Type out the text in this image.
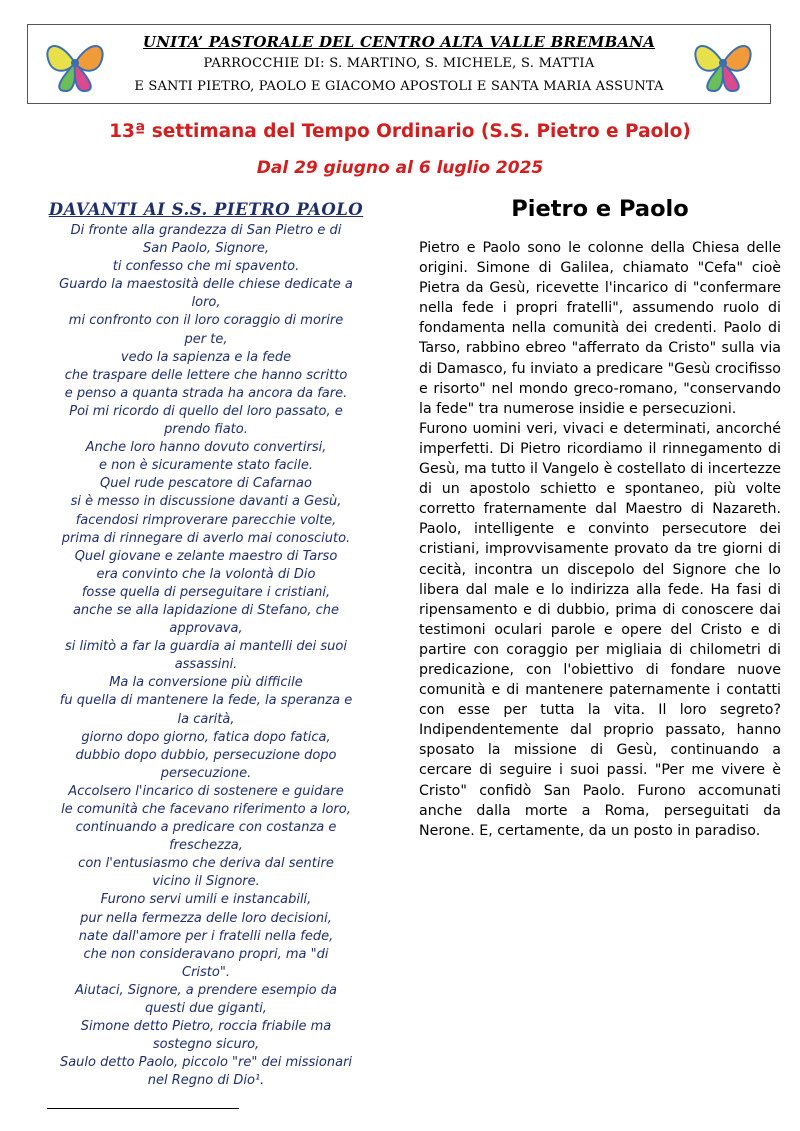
UNITA’ PASTORALE DEL CENTRO ALTA VALLE BREMBANA
PARROCCHIE DI: S. MARTINO, S. MICHELE, S. MATTIA
E SANTI PIETRO, PAOLO E GIACOMO APOSTOLI E SANTA MARIA ASSUNTA
13ª settimana del Tempo Ordinario (S.S. Pietro e Paolo)
Dal 29 giugno al 6 luglio 2025
DAVANTI AI S.S. PIETRO PAOLO
Di fronte alla grandezza di San Pietro e di
San Paolo, Signore,
ti confesso che mi spavento.
Guardo la maestosità delle chiese dedicate a
loro,
mi confronto con il loro coraggio di morire
per te,
vedo la sapienza e la fede
che traspare delle lettere che hanno scritto
e penso a quanta strada ha ancora da fare.
Poi mi ricordo di quello del loro passato, e
prendo fiato.
Anche loro hanno dovuto convertirsi,
e non è sicuramente stato facile.
Quel rude pescatore di Cafarnao
si è messo in discussione davanti a Gesù,
facendosi rimproverare parecchie volte,
prima di rinnegare di averlo mai conosciuto.
Quel giovane e zelante maestro di Tarso
era convinto che la volontà di Dio
fosse quella di perseguitare i cristiani,
anche se alla lapidazione di Stefano, che
approvava,
si limitò a far la guardia ai mantelli dei suoi
assassini.
Ma la conversione più difficile
fu quella di mantenere la fede, la speranza e
la carità,
giorno dopo giorno, fatica dopo fatica,
dubbio dopo dubbio, persecuzione dopo
persecuzione.
Accolsero l'incarico di sostenere e guidare
le comunità che facevano riferimento a loro,
continuando a predicare con costanza e
freschezza,
con l'entusiasmo che deriva dal sentire
vicino il Signore.
Furono servi umili e instancabili,
pur nella fermezza delle loro decisioni,
nate dall'amore per i fratelli nella fede,
che non consideravano propri, ma "di
Cristo".
Aiutaci, Signore, a prendere esempio da
questi due giganti,
Simone detto Pietro, roccia friabile ma
sostegno sicuro,
Saulo detto Paolo, piccolo "re" dei missionari
nel Regno di Dio¹.
Pietro e Paolo

Pietro e Paolo sono le colonne della Chiesa delle origini. Simone di Galilea, chiamato "Cefa" cioè Pietra da Gesù, ricevette l'incarico di "confermare nella fede i propri fratelli", assumendo ruolo di fondamenta nella comunità dei credenti. Paolo di Tarso, rabbino ebreo "afferrato da Cristo" sulla via di Damasco, fu inviato a predicare "Gesù crocifisso e risorto" nel mondo greco-romano, "conservando la fede" tra numerose insidie e persecuzioni.

Furono uomini veri, vivaci e determinati, ancorché imperfetti. Di Pietro ricordiamo il rinnegamento di Gesù, ma tutto il Vangelo è costellato di incertezze di un apostolo schietto e spontaneo, più volte corretto fraternamente dal Maestro di Nazareth. Paolo, intelligente e convinto persecutore dei cristiani, improvvisamente provato da tre giorni di cecità, incontra un discepolo del Signore che lo libera dal male e lo indirizza alla fede. Ha fasi di ripensamento e di dubbio, prima di conoscere dai testimoni oculari parole e opere del Cristo e di partire con coraggio per migliaia di chilometri di predicazione, con l'obiettivo di fondare nuove comunità e di mantenere paternamente i contatti con esse per tutta la vita. Il loro segreto? Indipendentemente dal proprio passato, hanno sposato la missione di Gesù, continuando a cercare di seguire i suoi passi. "Per me vivere è Cristo" confidò San Paolo. Furono accomunati anche dalla morte a Roma, perseguitati da Nerone. E, certamente, da un posto in paradiso.
